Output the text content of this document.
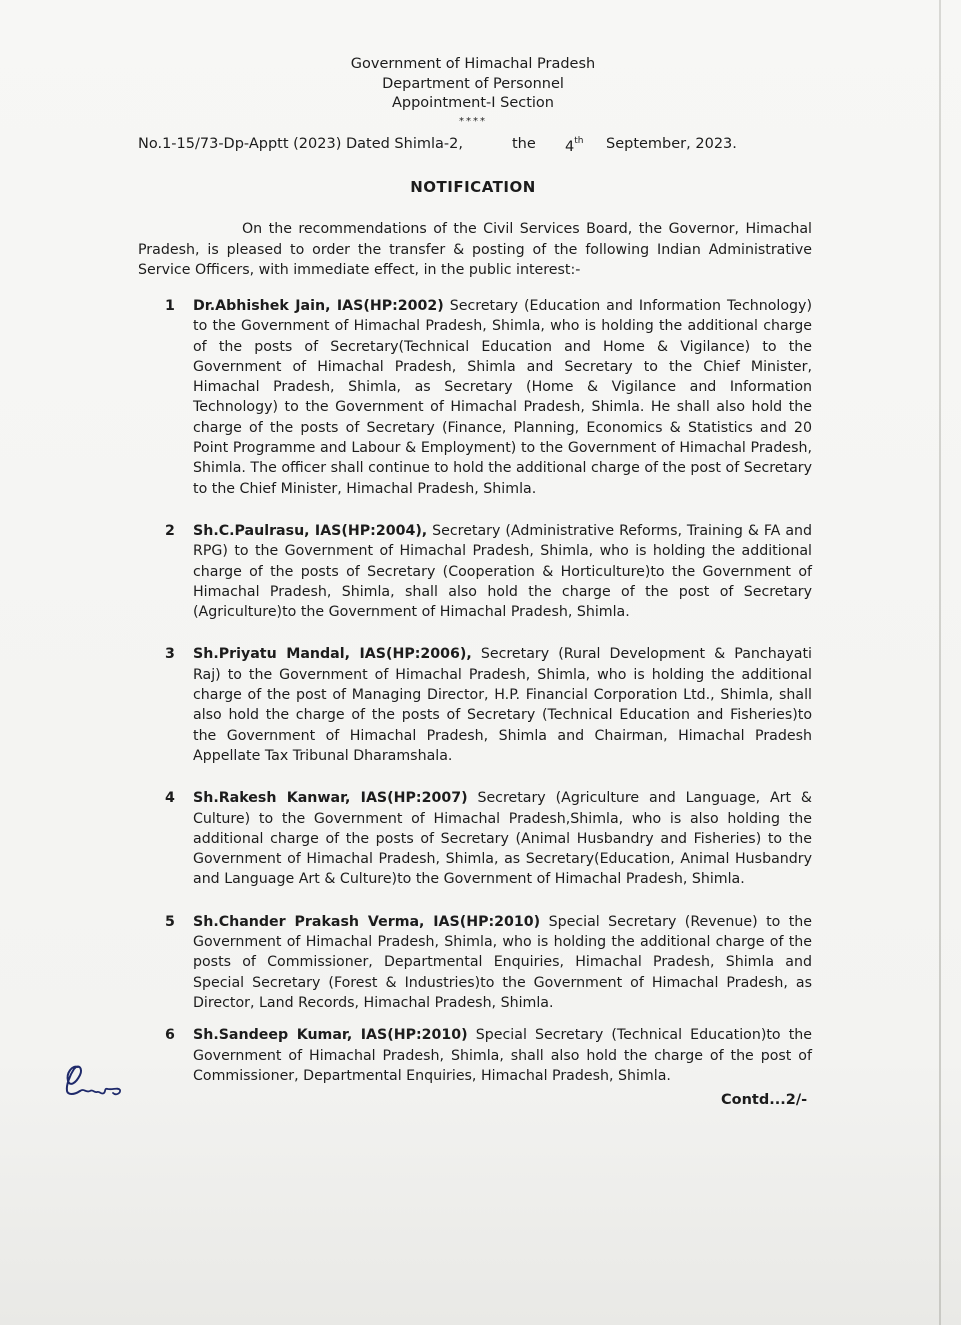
Government of Himachal Pradesh
Department of Personnel
Appointment-I Section
****
No.1-15/73-Dp-Apptt (2023) Dated Shimla-2,	the 4th September, 2023.
NOTIFICATION
On the recommendations of the Civil Services Board, the Governor, Himachal Pradesh, is pleased to order the transfer & posting of the following Indian Administrative Service Officers, with immediate effect, in the public interest:-
1 Dr.Abhishek Jain, IAS(HP:2002) Secretary (Education and Information Technology) to the Government of Himachal Pradesh, Shimla, who is holding the additional charge of the posts of Secretary(Technical Education and Home & Vigilance) to the Government of Himachal Pradesh, Shimla and Secretary to the Chief Minister, Himachal Pradesh, Shimla, as Secretary (Home & Vigilance and Information Technology) to the Government of Himachal Pradesh, Shimla. He shall also hold the charge of the posts of Secretary (Finance, Planning, Economics & Statistics and 20 Point Programme and Labour & Employment) to the Government of Himachal Pradesh, Shimla. The officer shall continue to hold the additional charge of the post of Secretary to the Chief Minister, Himachal Pradesh, Shimla.
2 Sh.C.Paulrasu, IAS(HP:2004), Secretary (Administrative Reforms, Training & FA and RPG) to the Government of Himachal Pradesh, Shimla, who is holding the additional charge of the posts of Secretary (Cooperation & Horticulture)to the Government of Himachal Pradesh, Shimla, shall also hold the charge of the post of Secretary (Agriculture)to the Government of Himachal Pradesh, Shimla.
3 Sh.Priyatu Mandal, IAS(HP:2006), Secretary (Rural Development & Panchayati Raj) to the Government of Himachal Pradesh, Shimla, who is holding the additional charge of the post of Managing Director, H.P. Financial Corporation Ltd., Shimla, shall also hold the charge of the posts of Secretary (Technical Education and Fisheries)to the Government of Himachal Pradesh, Shimla and Chairman, Himachal Pradesh Appellate Tax Tribunal Dharamshala.
4 Sh.Rakesh Kanwar, IAS(HP:2007) Secretary (Agriculture and Language, Art & Culture) to the Government of Himachal Pradesh,Shimla, who is also holding the additional charge of the posts of Secretary (Animal Husbandry and Fisheries) to the Government of Himachal Pradesh, Shimla, as Secretary(Education, Animal Husbandry and Language Art & Culture)to the Government of Himachal Pradesh, Shimla.
5 Sh.Chander Prakash Verma, IAS(HP:2010) Special Secretary (Revenue) to the Government of Himachal Pradesh, Shimla, who is holding the additional charge of the posts of Commissioner, Departmental Enquiries, Himachal Pradesh, Shimla and Special Secretary (Forest & Industries)to the Government of Himachal Pradesh, as Director, Land Records, Himachal Pradesh, Shimla.
6 Sh.Sandeep Kumar, IAS(HP:2010) Special Secretary (Technical Education)to the Government of Himachal Pradesh, Shimla, shall also hold the charge of the post of Commissioner, Departmental Enquiries, Himachal Pradesh, Shimla.
Contd...2/-
